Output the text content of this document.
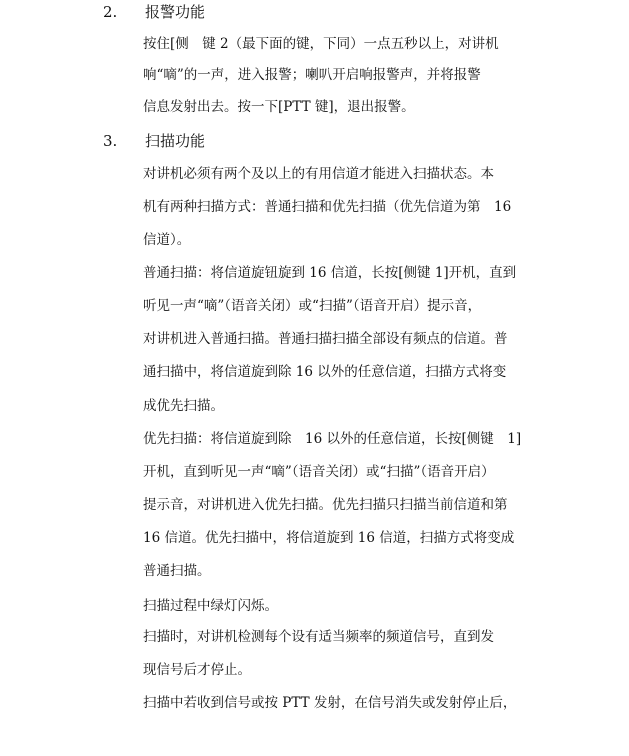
2. 报警功能
按住[侧　键 2（最下面的键，下同）一点五秒以上，对讲机
响“嘀”的一声，进入报警；喇叭开启响报警声，并将报警
信息发射出去。按一下[PTT 键]，退出报警。
3. 扫描功能
对讲机必须有两个及以上的有用信道才能进入扫描状态。本
机有两种扫描方式：普通扫描和优先扫描（优先信道为第　16
信道）。
普通扫描：将信道旋钮旋到 16 信道，长按[侧键 1]开机，直到
听见一声“嘀”（语音关闭）或“扫描”（语音开启）提示音，
对讲机进入普通扫描。普通扫描扫描全部设有频点的信道。普
通扫描中，将信道旋到除 16 以外的任意信道，扫描方式将变
成优先扫描。
优先扫描：将信道旋到除　16 以外的任意信道，长按[侧键　1]
开机，直到听见一声“嘀”（语音关闭）或“扫描”（语音开启）
提示音，对讲机进入优先扫描。优先扫描只扫描当前信道和第
16 信道。优先扫描中，将信道旋到 16 信道，扫描方式将变成
普通扫描。
扫描过程中绿灯闪烁。
扫描时，对讲机检测每个设有适当频率的频道信号，直到发
现信号后才停止。
扫描中若收到信号或按 PTT 发射，在信号消失或发射停止后，
